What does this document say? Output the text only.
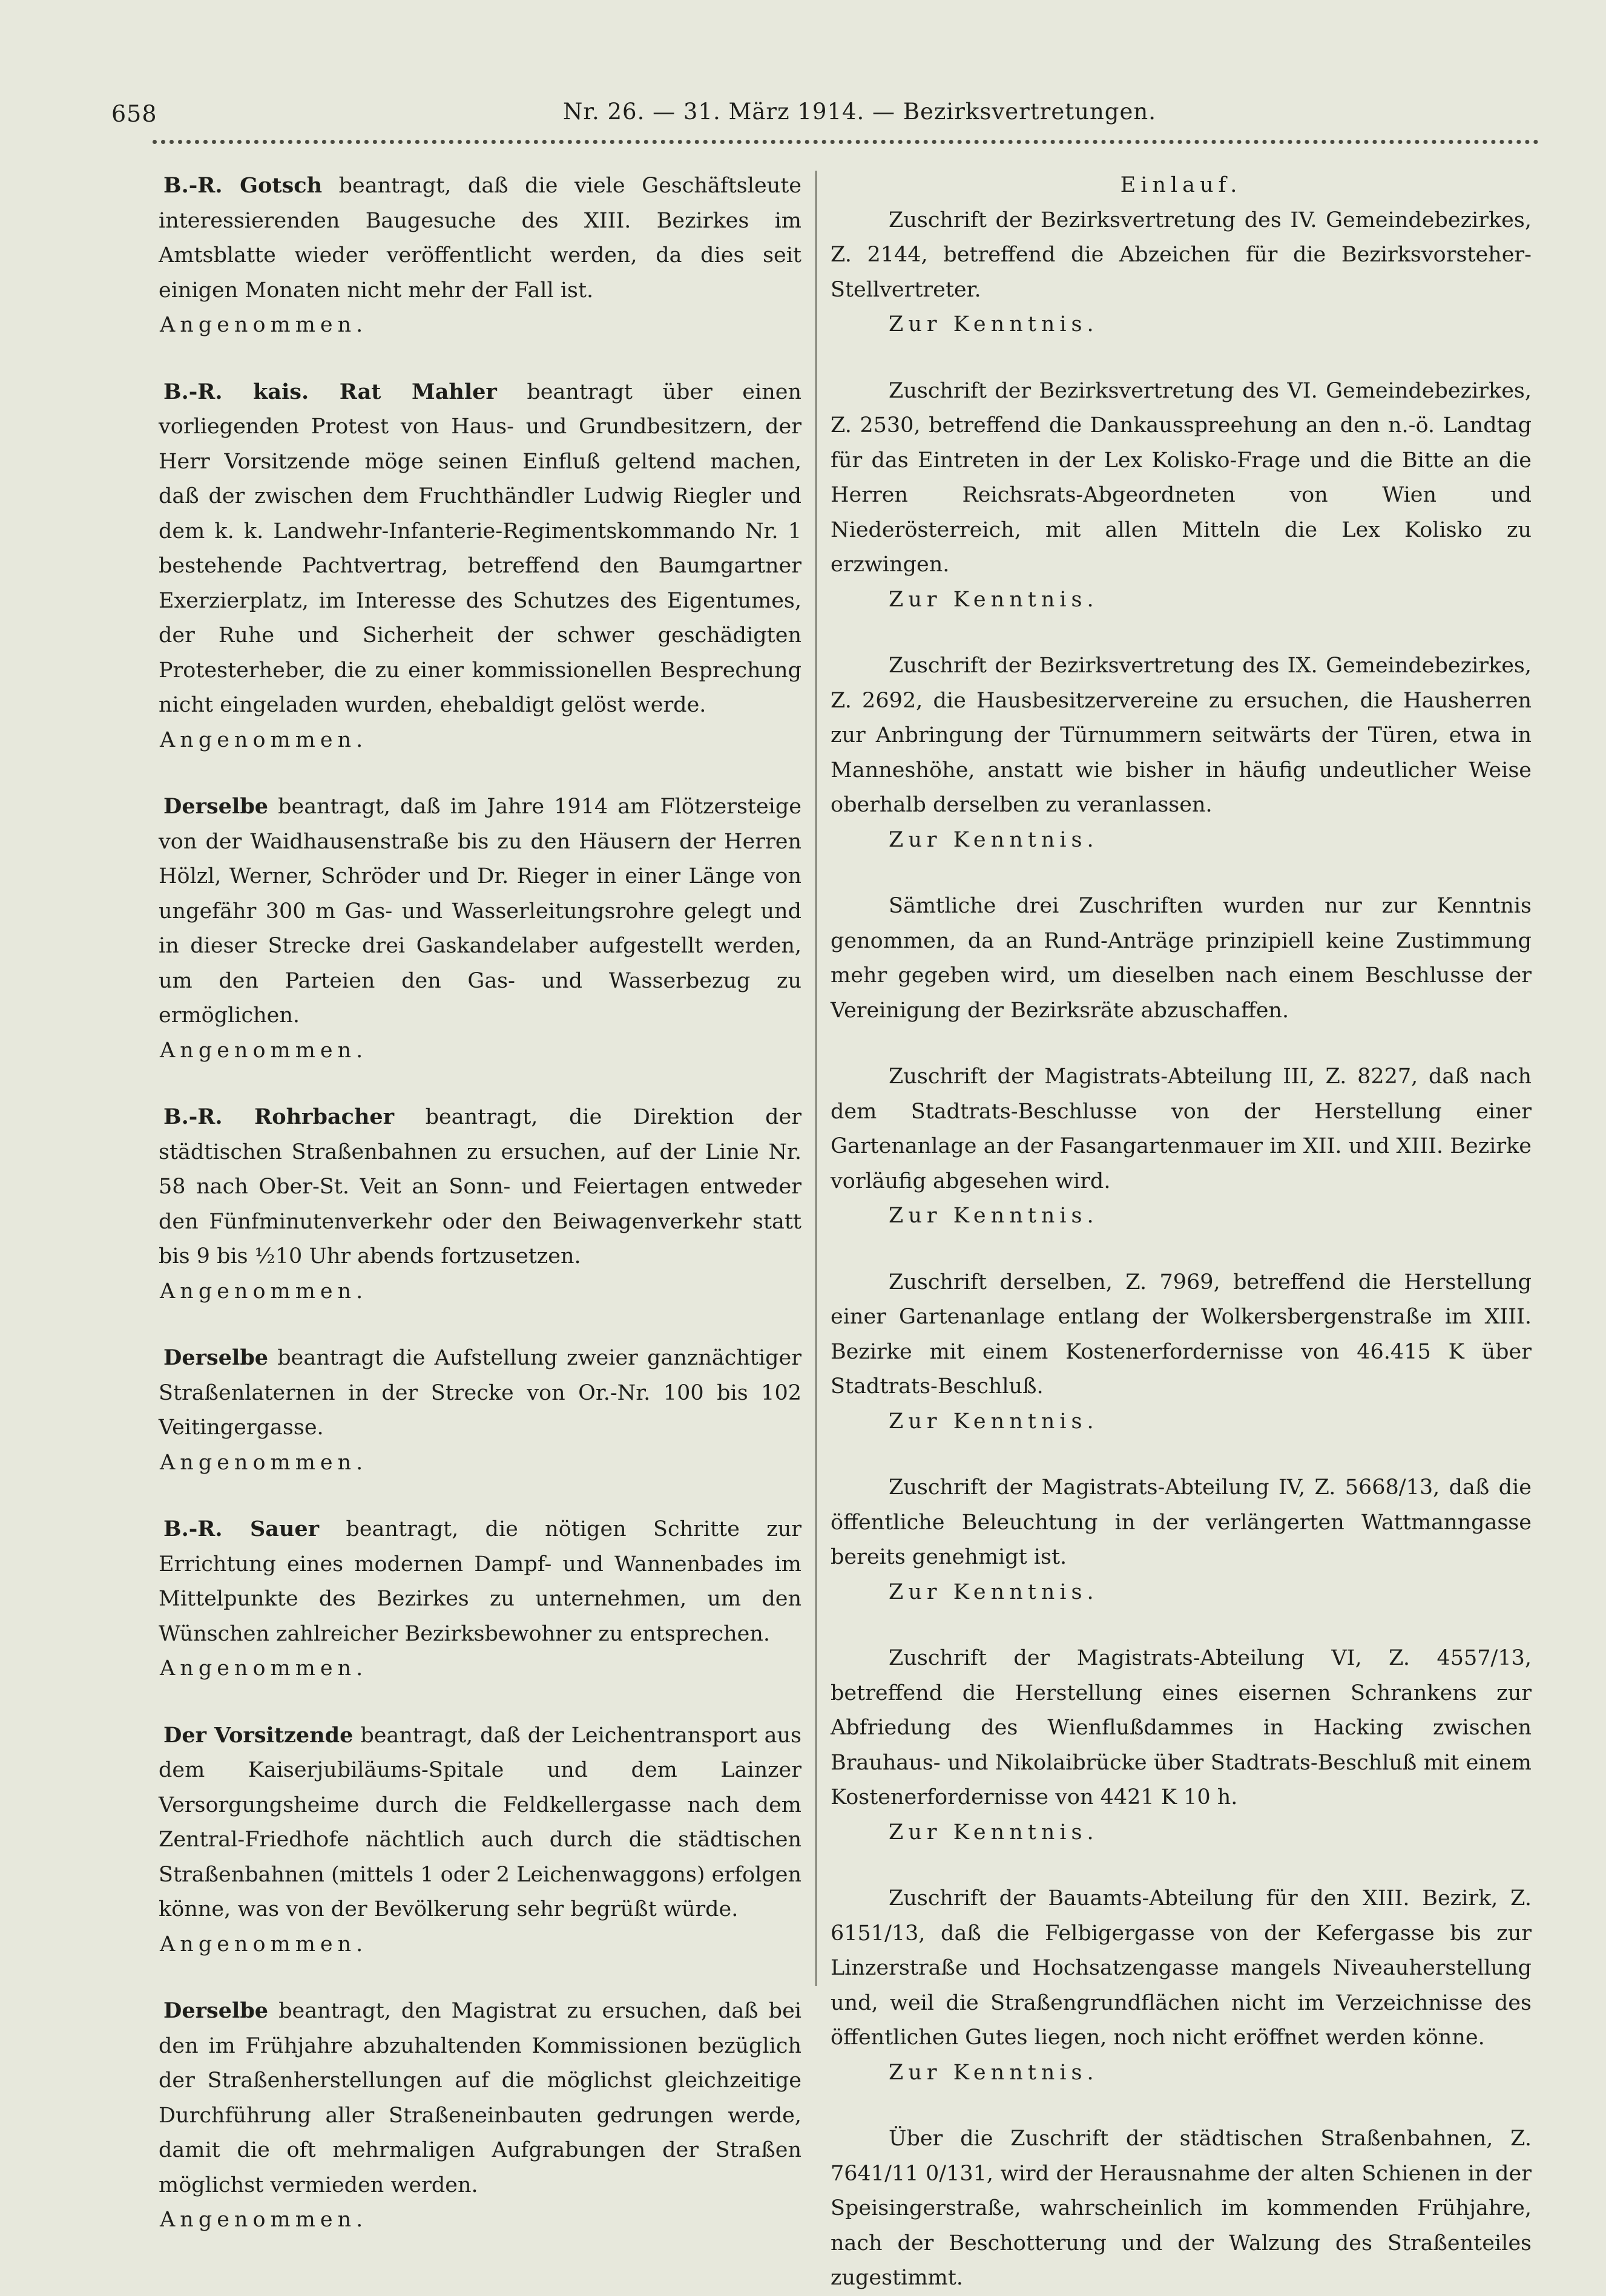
658	Nr. 26. — 31. März 1914. — Bezirksvertretungen.

B.-R. Gotsch beantragt, daß die viele Geschäftsleute interessierenden Baugesuche des XIII. Bezirkes im Amtsblatte wieder veröffentlicht werden, da dies seit einigen Monaten nicht mehr der Fall ist.

Angenommen.

B.-R. kais. Rat Mahler beantragt über einen vorliegenden Protest von Haus- und Grundbesitzern, der Herr Vorsitzende möge seinen Einfluß geltend machen, daß der zwischen dem Fruchthändler Ludwig Riegler und dem k. k. Landwehr-Infanterie-Regimentskommando Nr. 1 bestehende Pachtvertrag, betreffend den Baumgartner Exerzierplatz, im Interesse des Schutzes des Eigentumes, der Ruhe und Sicherheit der schwer geschädigten Protesterheber, die zu einer kommissionellen Besprechung nicht eingeladen wurden, ehebaldigt gelöst werde.

Angenommen.

Derselbe beantragt, daß im Jahre 1914 am Flötzersteige von der Waidhausenstraße bis zu den Häusern der Herren Hölzl, Werner, Schröder und Dr. Rieger in einer Länge von ungefähr 300 m Gas- und Wasserleitungsrohre gelegt und in dieser Strecke drei Gaskandelaber aufgestellt werden, um den Parteien den Gas- und Wasserbezug zu ermöglichen.

Angenommen.

B.-R. Rohrbacher beantragt, die Direktion der städtischen Straßenbahnen zu ersuchen, auf der Linie Nr. 58 nach Ober-St. Veit an Sonn- und Feiertagen entweder den Fünfminutenverkehr oder den Beiwagenverkehr statt bis 9 bis ½10 Uhr abends fortzusetzen.

Angenommen.

Derselbe beantragt die Aufstellung zweier ganznächtiger Straßenlaternen in der Strecke von Or.-Nr. 100 bis 102 Veitingergasse.

Angenommen.

B.-R. Sauer beantragt, die nötigen Schritte zur Errichtung eines modernen Dampf- und Wannenbades im Mittelpunkte des Bezirkes zu unternehmen, um den Wünschen zahlreicher Bezirksbewohner zu entsprechen.

Angenommen.

Der Vorsitzende beantragt, daß der Leichentransport aus dem Kaiserjubiläums-Spitale und dem Lainzer Versorgungsheime durch die Feldkellergasse nach dem Zentral-Friedhofe nächtlich auch durch die städtischen Straßenbahnen (mittels 1 oder 2 Leichenwaggons) erfolgen könne, was von der Bevölkerung sehr begrüßt würde.

Angenommen.

Derselbe beantragt, den Magistrat zu ersuchen, daß bei den im Frühjahre abzuhaltenden Kommissionen bezüglich der Straßenherstellungen auf die möglichst gleichzeitige Durchführung aller Straßeneinbauten gedrungen werde, damit die oft mehrmaligen Aufgrabungen der Straßen möglichst vermieden werden.

Angenommen.

Einlauf.

Zuschrift der Bezirksvertretung des IV. Gemeindebezirkes, Z. 2144, betreffend die Abzeichen für die Bezirksvorsteher-Stellvertreter.

Zur Kenntnis.

Zuschrift der Bezirksvertretung des VI. Gemeindebezirkes, Z. 2530, betreffend die Dankausspreehung an den n.-ö. Landtag für das Eintreten in der Lex Kolisko-Frage und die Bitte an die Herren Reichsrats-Abgeordneten von Wien und Niederösterreich, mit allen Mitteln die Lex Kolisko zu erzwingen.

Zur Kenntnis.

Zuschrift der Bezirksvertretung des IX. Gemeindebezirkes, Z. 2692, die Hausbesitzervereine zu ersuchen, die Hausherren zur Anbringung der Türnummern seitwärts der Türen, etwa in Manneshöhe, anstatt wie bisher in häufig undeutlicher Weise oberhalb derselben zu veranlassen.

Zur Kenntnis.

Sämtliche drei Zuschriften wurden nur zur Kenntnis genommen, da an Rund-Anträge prinzipiell keine Zustimmung mehr gegeben wird, um dieselben nach einem Beschlusse der Vereinigung der Bezirksräte abzuschaffen.

Zuschrift der Magistrats-Abteilung III, Z. 8227, daß nach dem Stadtrats-Beschlusse von der Herstellung einer Gartenanlage an der Fasangartenmauer im XII. und XIII. Bezirke vorläufig abgesehen wird.

Zur Kenntnis.

Zuschrift derselben, Z. 7969, betreffend die Herstellung einer Gartenanlage entlang der Wolkersbergenstraße im XIII. Bezirke mit einem Kostenerfordernisse von 46.415 K über Stadtrats-Beschluß.

Zur Kenntnis.

Zuschrift der Magistrats-Abteilung IV, Z. 5668/13, daß die öffentliche Beleuchtung in der verlängerten Wattmanngasse bereits genehmigt ist.

Zur Kenntnis.

Zuschrift der Magistrats-Abteilung VI, Z. 4557/13, betreffend die Herstellung eines eisernen Schrankens zur Abfriedung des Wienflußdammes in Hacking zwischen Brauhaus- und Nikolaibrücke über Stadtrats-Beschluß mit einem Kostenerfordernisse von 4421 K 10 h.

Zur Kenntnis.

Zuschrift der Bauamts-Abteilung für den XIII. Bezirk, Z. 6151/13, daß die Felbigergasse von der Kefergasse bis zur Linzerstraße und Hochsatzengasse mangels Niveauherstellung und, weil die Straßengrundflächen nicht im Verzeichnisse des öffentlichen Gutes liegen, noch nicht eröffnet werden könne.

Zur Kenntnis.

Über die Zuschrift der städtischen Straßenbahnen, Z. 7641/11 0/131, wird der Herausnahme der alten Schienen in der Speisingerstraße, wahrscheinlich im kommenden Frühjahre, nach der Beschotterung und der Walzung des Straßenteiles zugestimmt.
